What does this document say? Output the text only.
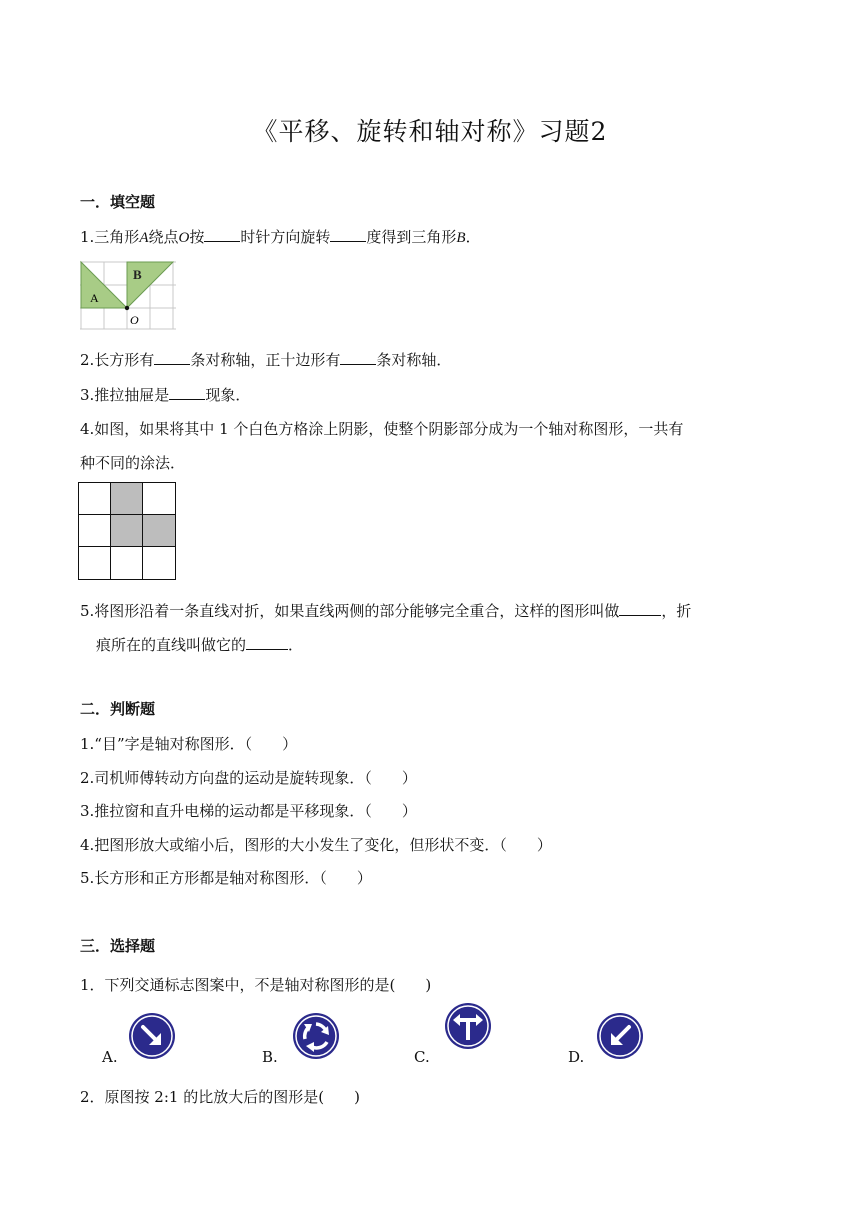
《平移、旋转和轴对称》习题2
一．填空题
1.三角形A绕点O按 时针方向旋转 度得到三角形B．
A
B
O
2.长方形有 条对称轴，正十边形有 条对称轴．
3.推拉抽屉是 现象．
4.如图，如果将其中 1 个白色方格涂上阴影，使整个阴影部分成为一个轴对称图形，一共有
种不同的涂法．
5.将图形沿着一条直线对折，如果直线两侧的部分能够完全重合，这样的图形叫做	，折
痕所在的直线叫做它的	．
二．判断题
1.“目”字是轴对称图形．（　　）
2.司机师傅转动方向盘的运动是旋转现象．（　　）
3.推拉窗和直升电梯的运动都是平移现象．（　　）
4.把图形放大或缩小后，图形的大小发生了变化，但形状不变．（　　）
5.长方形和正方形都是轴对称图形．（　　）
三．选择题
1．下列交通标志图案中，不是轴对称图形的是(　　)
A.	B.	C.	D.
2．原图按 2:1 的比放大后的图形是(　　)
